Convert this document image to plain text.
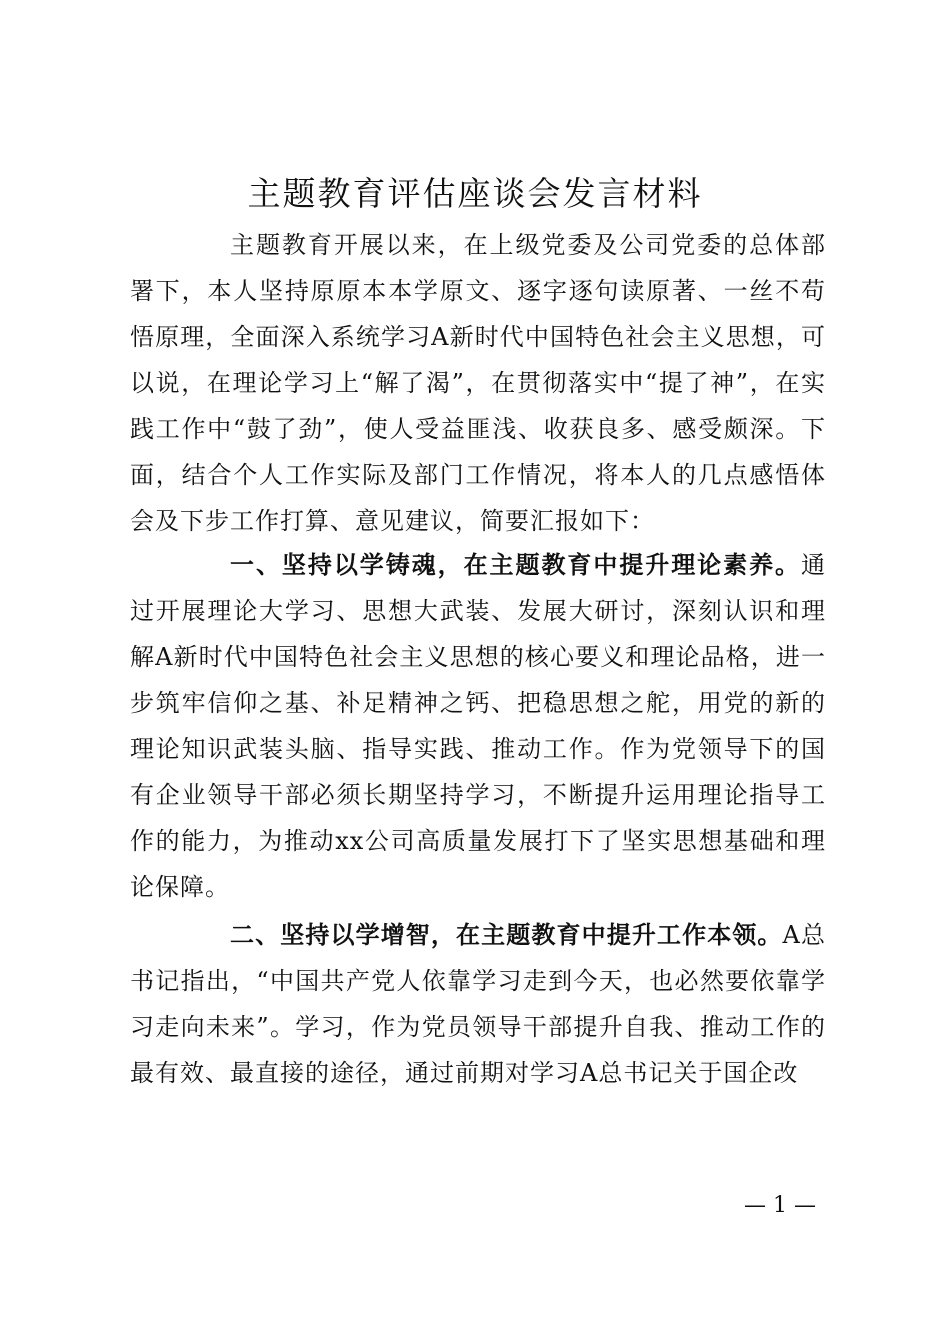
主题教育评估座谈会发言材料

主题教育开展以来，在上级党委及公司党委的总体部署下，本人坚持原原本本学原文、逐字逐句读原著、一丝不苟悟原理，全面深入系统学习A新时代中国特色社会主义思想，可以说，在理论学习上“解了渴”，在贯彻落实中“提了神”，在实践工作中“鼓了劲”，使人受益匪浅、收获良多、感受颇深。下面，结合个人工作实际及部门工作情况，将本人的几点感悟体会及下步工作打算、意见建议，简要汇报如下：

一、坚持以学铸魂，在主题教育中提升理论素养。通过开展理论大学习、思想大武装、发展大研讨，深刻认识和理解A新时代中国特色社会主义思想的核心要义和理论品格，进一步筑牢信仰之基、补足精神之钙、把稳思想之舵，用党的新的理论知识武装头脑、指导实践、推动工作。作为党领导下的国有企业领导干部必须长期坚持学习，不断提升运用理论指导工作的能力，为推动xx公司高质量发展打下了坚实思想基础和理论保障。

二、坚持以学增智，在主题教育中提升工作本领。A总书记指出，“中国共产党人依靠学习走到今天，也必然要依靠学习走向未来”。学习，作为党员领导干部提升自我、推动工作的最有效、最直接的途径，通过前期对学习A总书记关于国企改

— 1 —
